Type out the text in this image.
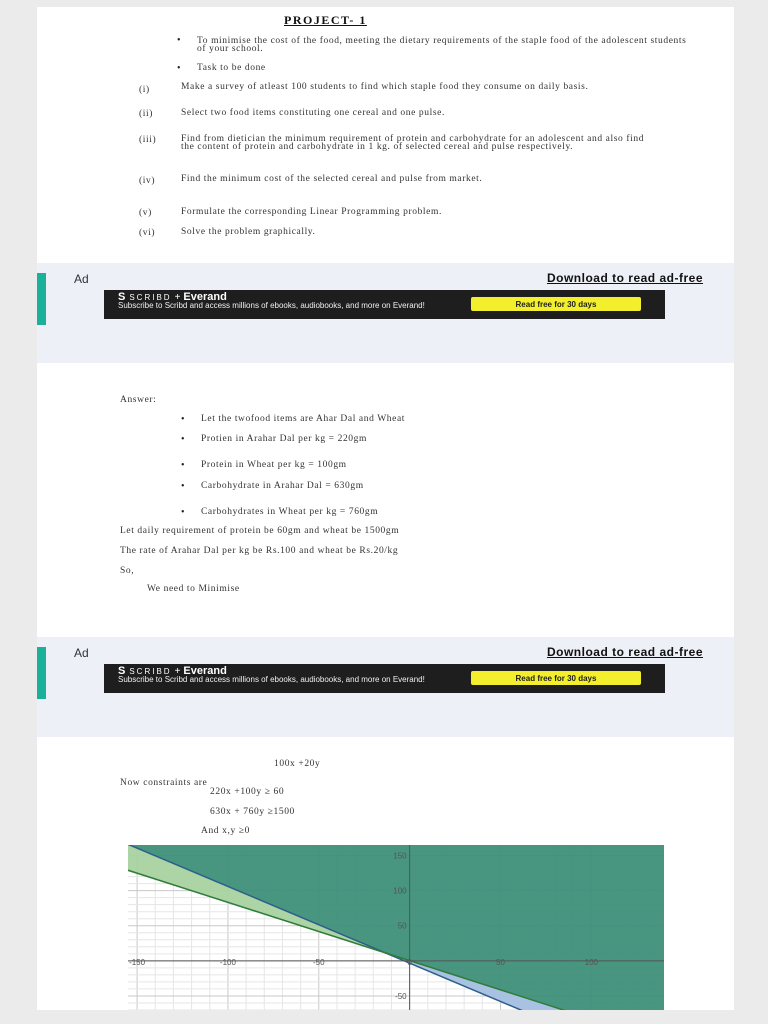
PROJECT- 1
• To minimise the cost of the food, meeting the dietary requirements of the staple food of the adolescent students of your school.
• Task to be done
(i)	Make a survey of atleast 100 students to find which staple food they consume on daily basis.
(ii)	Select two food items constituting one cereal and one pulse.
(iii)	Find from dietician the minimum requirement of protein and carbohydrate for an adolescent and also find the content of protein and carbohydrate in 1 kg. of selected cereal and pulse respectively.
(iv)	Find the minimum cost of the selected cereal and pulse from market.
(v)	Formulate the corresponding Linear Programming problem.
(vi)	Solve the problem graphically.
Ad	Download to read ad-free
S SCRIBD + Everand
Subscribe to Scribd and access millions of ebooks, audiobooks, and more on Everand!	Read free for 30 days
Answer:
• Let the twofood items are Ahar Dal and Wheat
• Protien in Arahar Dal per kg = 220gm
• Protein in Wheat per kg = 100gm
• Carbohydrate in Arahar Dal = 630gm
• Carbohydrates in Wheat per kg = 760gm
Let daily requirement of protein be 60gm and wheat be 1500gm
The rate of Arahar Dal per kg be Rs.100 and wheat be Rs.20/kg
So,
We need to Minimise
Ad	Download to read ad-free
S SCRIBD + Everand
Subscribe to Scribd and access millions of ebooks, audiobooks, and more on Everand!	Read free for 30 days
100x +20y
Now constraints are
220x +100y ≥ 60
630x + 760y ≥1500
And x,y ≥0
-150	-100	-50	0	50	100
150
100
50
-50
